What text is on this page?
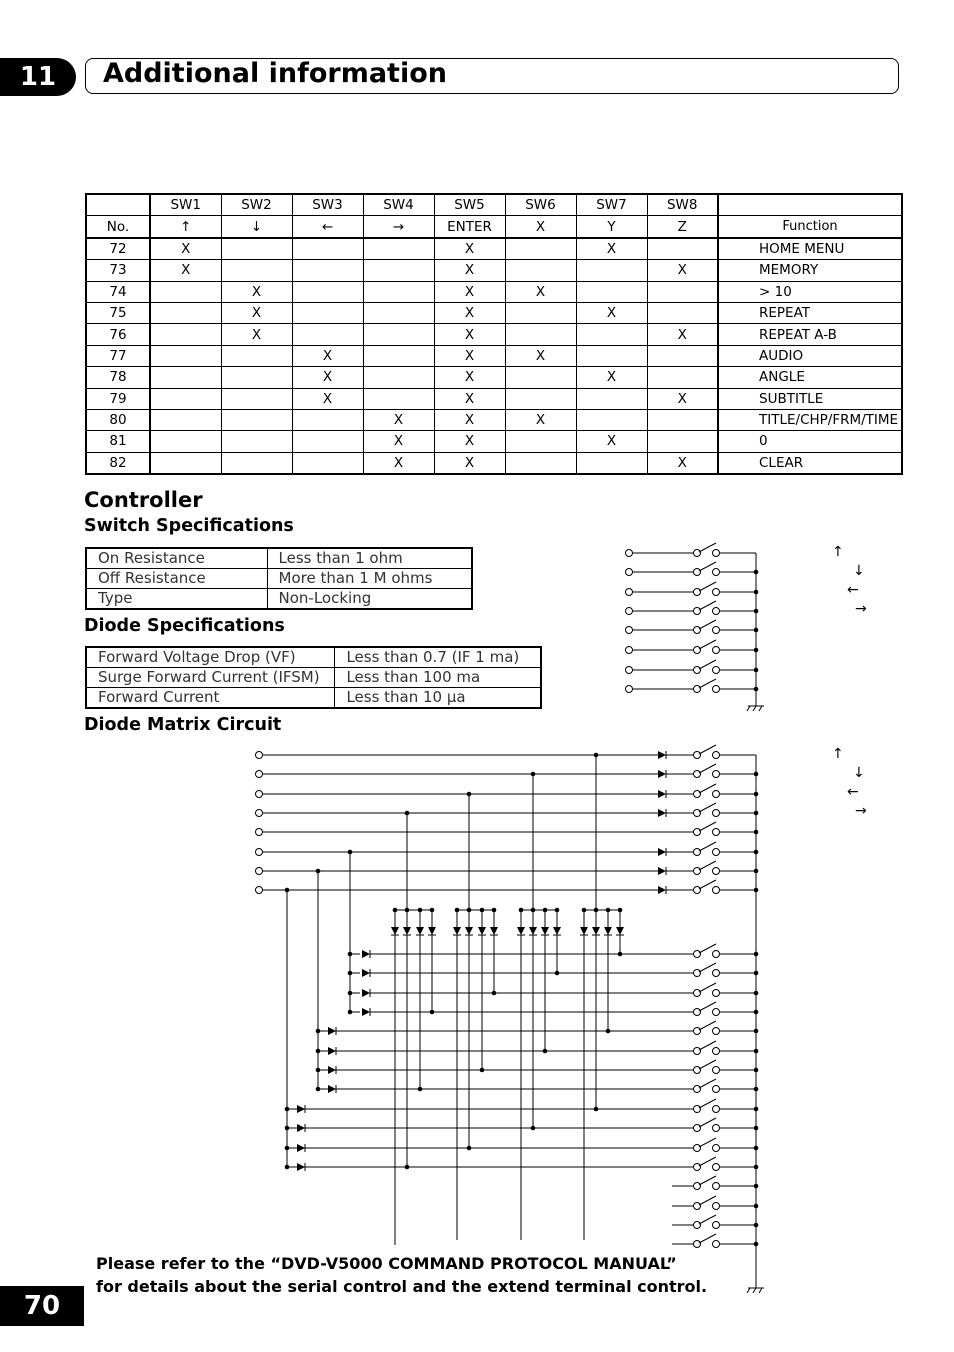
11	Additional information
	SW1	SW2	SW3	SW4	SW5	SW6	SW7	SW8	
No.	↑	↓	←	→	ENTER	X	Y	Z	Function
72	X				X		X		HOME MENU
73	X				X			X	MEMORY
74		X			X	X			> 10
75		X			X		X		REPEAT
76		X			X			X	REPEAT A-B
77			X		X	X			AUDIO
78			X		X		X		ANGLE
79			X		X			X	SUBTITLE
80				X	X	X			TITLE/CHP/FRM/TIME
81				X	X		X		0
82				X	X			X	CLEAR
Controller
Switch Specifications
On Resistance	Less than 1 ohm
Off Resistance	More than 1 M ohms
Type	Non-Locking
Diode Specifications
Forward Voltage Drop (VF)	Less than 0.7 (IF 1 ma)
Surge Forward Current (IFSM)	Less than 100 ma
Forward Current	Less than 10 µa
Diode Matrix Circuit
↑
↓
←
→
↑
↓
←
→
Please refer to the “DVD-V5000 COMMAND PROTOCOL MANUAL”
for details about the serial control and the extend terminal control.
70
